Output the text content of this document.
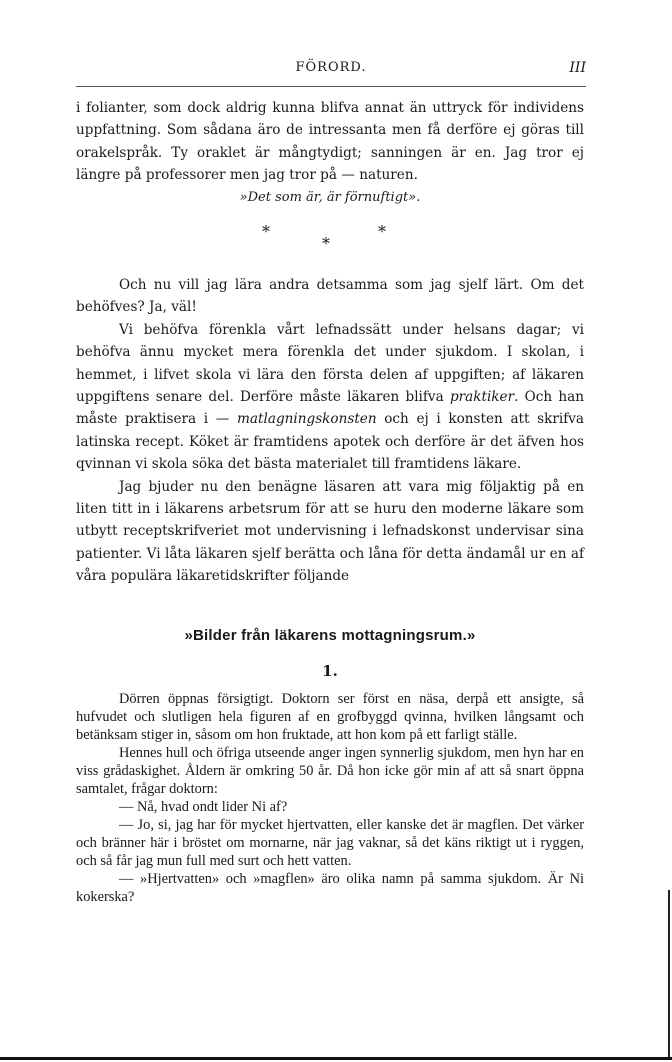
FÖRORD.	III

i folianter, som dock aldrig kunna blifva annat än uttryck för individens uppfattning. Som sådana äro de intressanta men få derföre ej göras till orakelspråk. Ty oraklet är mångtydigt; sanningen är en. Jag tror ej längre på professorer men jag tror på — naturen.

»Det som är, är förnuftigt».

*
*
*

Och nu vill jag lära andra detsamma som jag sjelf lärt. Om det behöfves? Ja, väl!

Vi behöfva förenkla vårt lefnadssätt under helsans dagar; vi behöfva ännu mycket mera förenkla det under sjukdom. I skolan, i hemmet, i lifvet skola vi lära den första delen af uppgiften; af läkaren uppgiftens senare del. Derföre måste läkaren blifva praktiker. Och han måste praktisera i — matlagningskonsten och ej i konsten att skrifva latinska recept. Köket är framtidens apotek och derföre är det äfven hos qvinnan vi skola söka det bästa materialet till framtidens läkare.

Jag bjuder nu den benägne läsaren att vara mig följaktig på en liten titt in i läkarens arbetsrum för att se huru den moderne läkare som utbytt receptskrifveriet mot undervisning i lefnadskonst undervisar sina patienter. Vi låta läkaren sjelf berätta och låna för detta ändamål ur en af våra populära läkaretidskrifter följande

»Bilder från läkarens mottagningsrum.»
1.

Dörren öppnas försigtigt. Doktorn ser först en näsa, derpå ett ansigte, så hufvudet och slutligen hela figuren af en grofbyggd qvinna, hvilken långsamt och betänksam stiger in, såsom om hon fruktade, att hon kom på ett farligt ställe.

Hennes hull och öfriga utseende anger ingen synnerlig sjukdom, men hyn har en viss grådaskighet. Åldern är omkring 50 år. Då hon icke gör min af att så snart öppna samtalet, frågar doktorn:

— Nå, hvad ondt lider Ni af?

— Jo, si, jag har för mycket hjertvatten, eller kanske det är magflen. Det värker och bränner här i bröstet om mornarne, när jag vaknar, så det käns riktigt ut i ryggen, och så får jag mun full med surt och hett vatten.

— »Hjertvatten» och »magflen» äro olika namn på samma sjukdom. Är Ni kokerska?
